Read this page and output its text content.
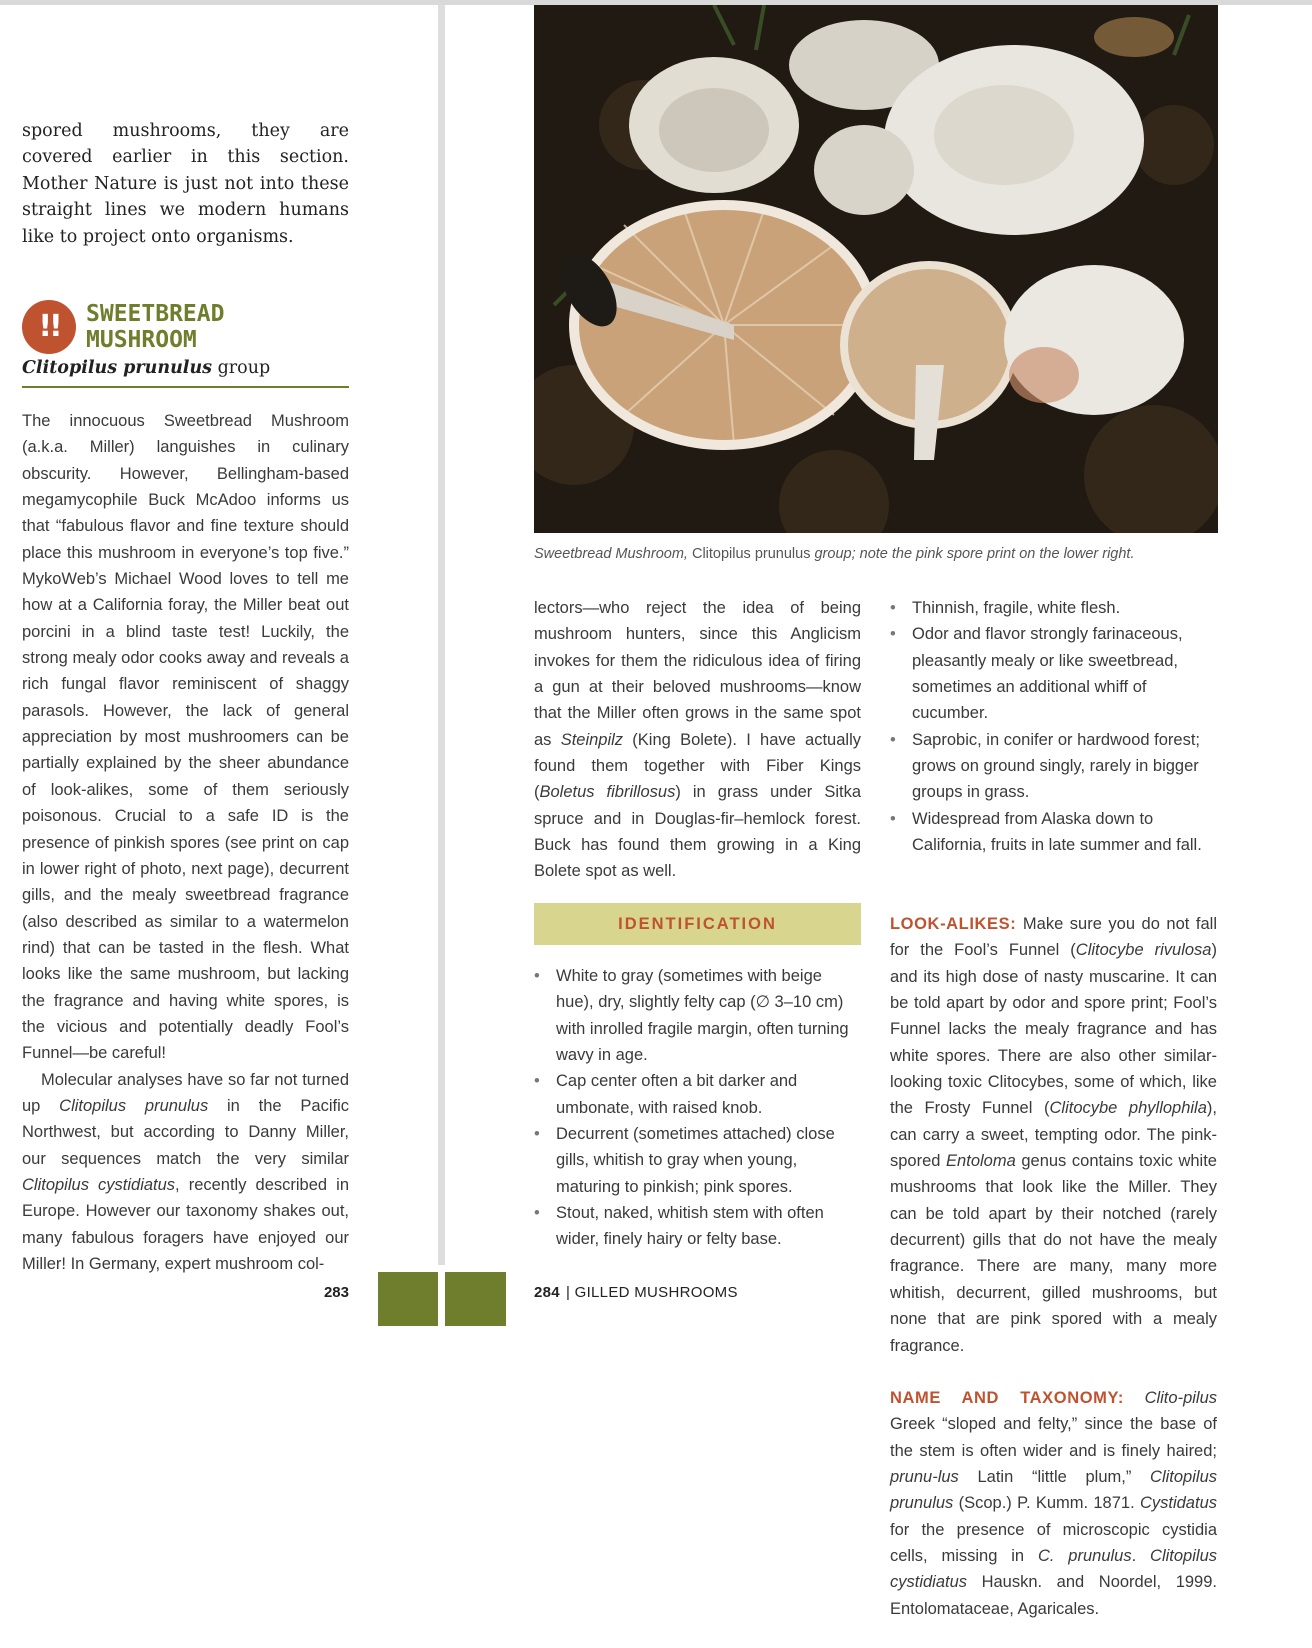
spored mushrooms, they are covered earlier in this section. Mother Nature is just not into these straight lines we modern humans like to project onto organisms.
!!	SWEETBREAD
MUSHROOM
Clitopilus prunulus group

The innocuous Sweetbread Mushroom (a.k.a. Miller) languishes in culinary obscurity. However, Bellingham-based megamycophile Buck McAdoo informs us that “fabulous flavor and fine texture should place this mushroom in everyone’s top five.” MykoWeb’s Michael Wood loves to tell me how at a California foray, the Miller beat out porcini in a blind taste test! Luckily, the strong mealy odor cooks away and reveals a rich fungal flavor reminiscent of shaggy parasols. However, the lack of general appreciation by most mushroomers can be partially explained by the sheer abundance of look-alikes, some of them seriously poisonous. Crucial to a safe ID is the presence of pinkish spores (see print on cap in lower right of photo, next page), decurrent gills, and the mealy sweetbread fragrance (also described as similar to a watermelon rind) that can be tasted in the flesh. What looks like the same mushroom, but lacking the fragrance and having white spores, is the vicious and potentially deadly Fool’s Funnel—be careful!

Molecular analyses have so far not turned up Clitopilus prunulus in the Pacific Northwest, but according to Danny Miller, our sequences match the very similar Clitopilus cystidiatus, recently described in Europe. However our taxonomy shakes out, many fabulous foragers have enjoyed our Miller! In Germany, expert mushroom col-

283	284 | GILLED MUSHROOMS
Sweetbread Mushroom, Clitopilus prunulus group; note the pink spore print on the lower right.

lectors—who reject the idea of being mushroom hunters, since this Anglicism invokes for them the ridiculous idea of firing a gun at their beloved mushrooms—know that the Miller often grows in the same spot as Steinpilz (King Bolete). I have actually found them together with Fiber Kings (Boletus fibrillosus) in grass under Sitka spruce and in Douglas-fir–hemlock forest. Buck has found them growing in a King Bolete spot as well.

IDENTIFICATION
• White to gray (sometimes with beige hue), dry, slightly felty cap (∅ 3–10 cm) with inrolled fragile margin, often turning wavy in age.
• Cap center often a bit darker and umbonate, with raised knob.
• Decurrent (sometimes attached) close gills, whitish to gray when young, maturing to pinkish; pink spores.
• Stout, naked, whitish stem with often wider, finely hairy or felty base.
• Thinnish, fragile, white flesh.
• Odor and flavor strongly farinaceous, pleasantly mealy or like sweetbread, sometimes an additional whiff of cucumber.
• Saprobic, in conifer or hardwood forest; grows on ground singly, rarely in bigger groups in grass.
• Widespread from Alaska down to California, fruits in late summer and fall.

LOOK-ALIKES: Make sure you do not fall for the Fool’s Funnel (Clitocybe rivulosa) and its high dose of nasty muscarine. It can be told apart by odor and spore print; Fool’s Funnel lacks the mealy fragrance and has white spores. There are also other similar-looking toxic Clitocybes, some of which, like the Frosty Funnel (Clitocybe phyllophila), can carry a sweet, tempting odor. The pink-spored Entoloma genus contains toxic white mushrooms that look like the Miller. They can be told apart by their notched (rarely decurrent) gills that do not have the mealy fragrance. There are many, many more whitish, decurrent, gilled mushrooms, but none that are pink spored with a mealy fragrance.

NAME AND TAXONOMY: Clito-pilus Greek “sloped and felty,” since the base of the stem is often wider and is finely haired; prunu-lus Latin “little plum,” Clitopilus prunulus (Scop.) P. Kumm. 1871. Cystidatus for the presence of microscopic cystidia cells, missing in C. prunulus. Clitopilus cystidiatus Hauskn. and Noordel, 1999. Entolomataceae, Agaricales.
